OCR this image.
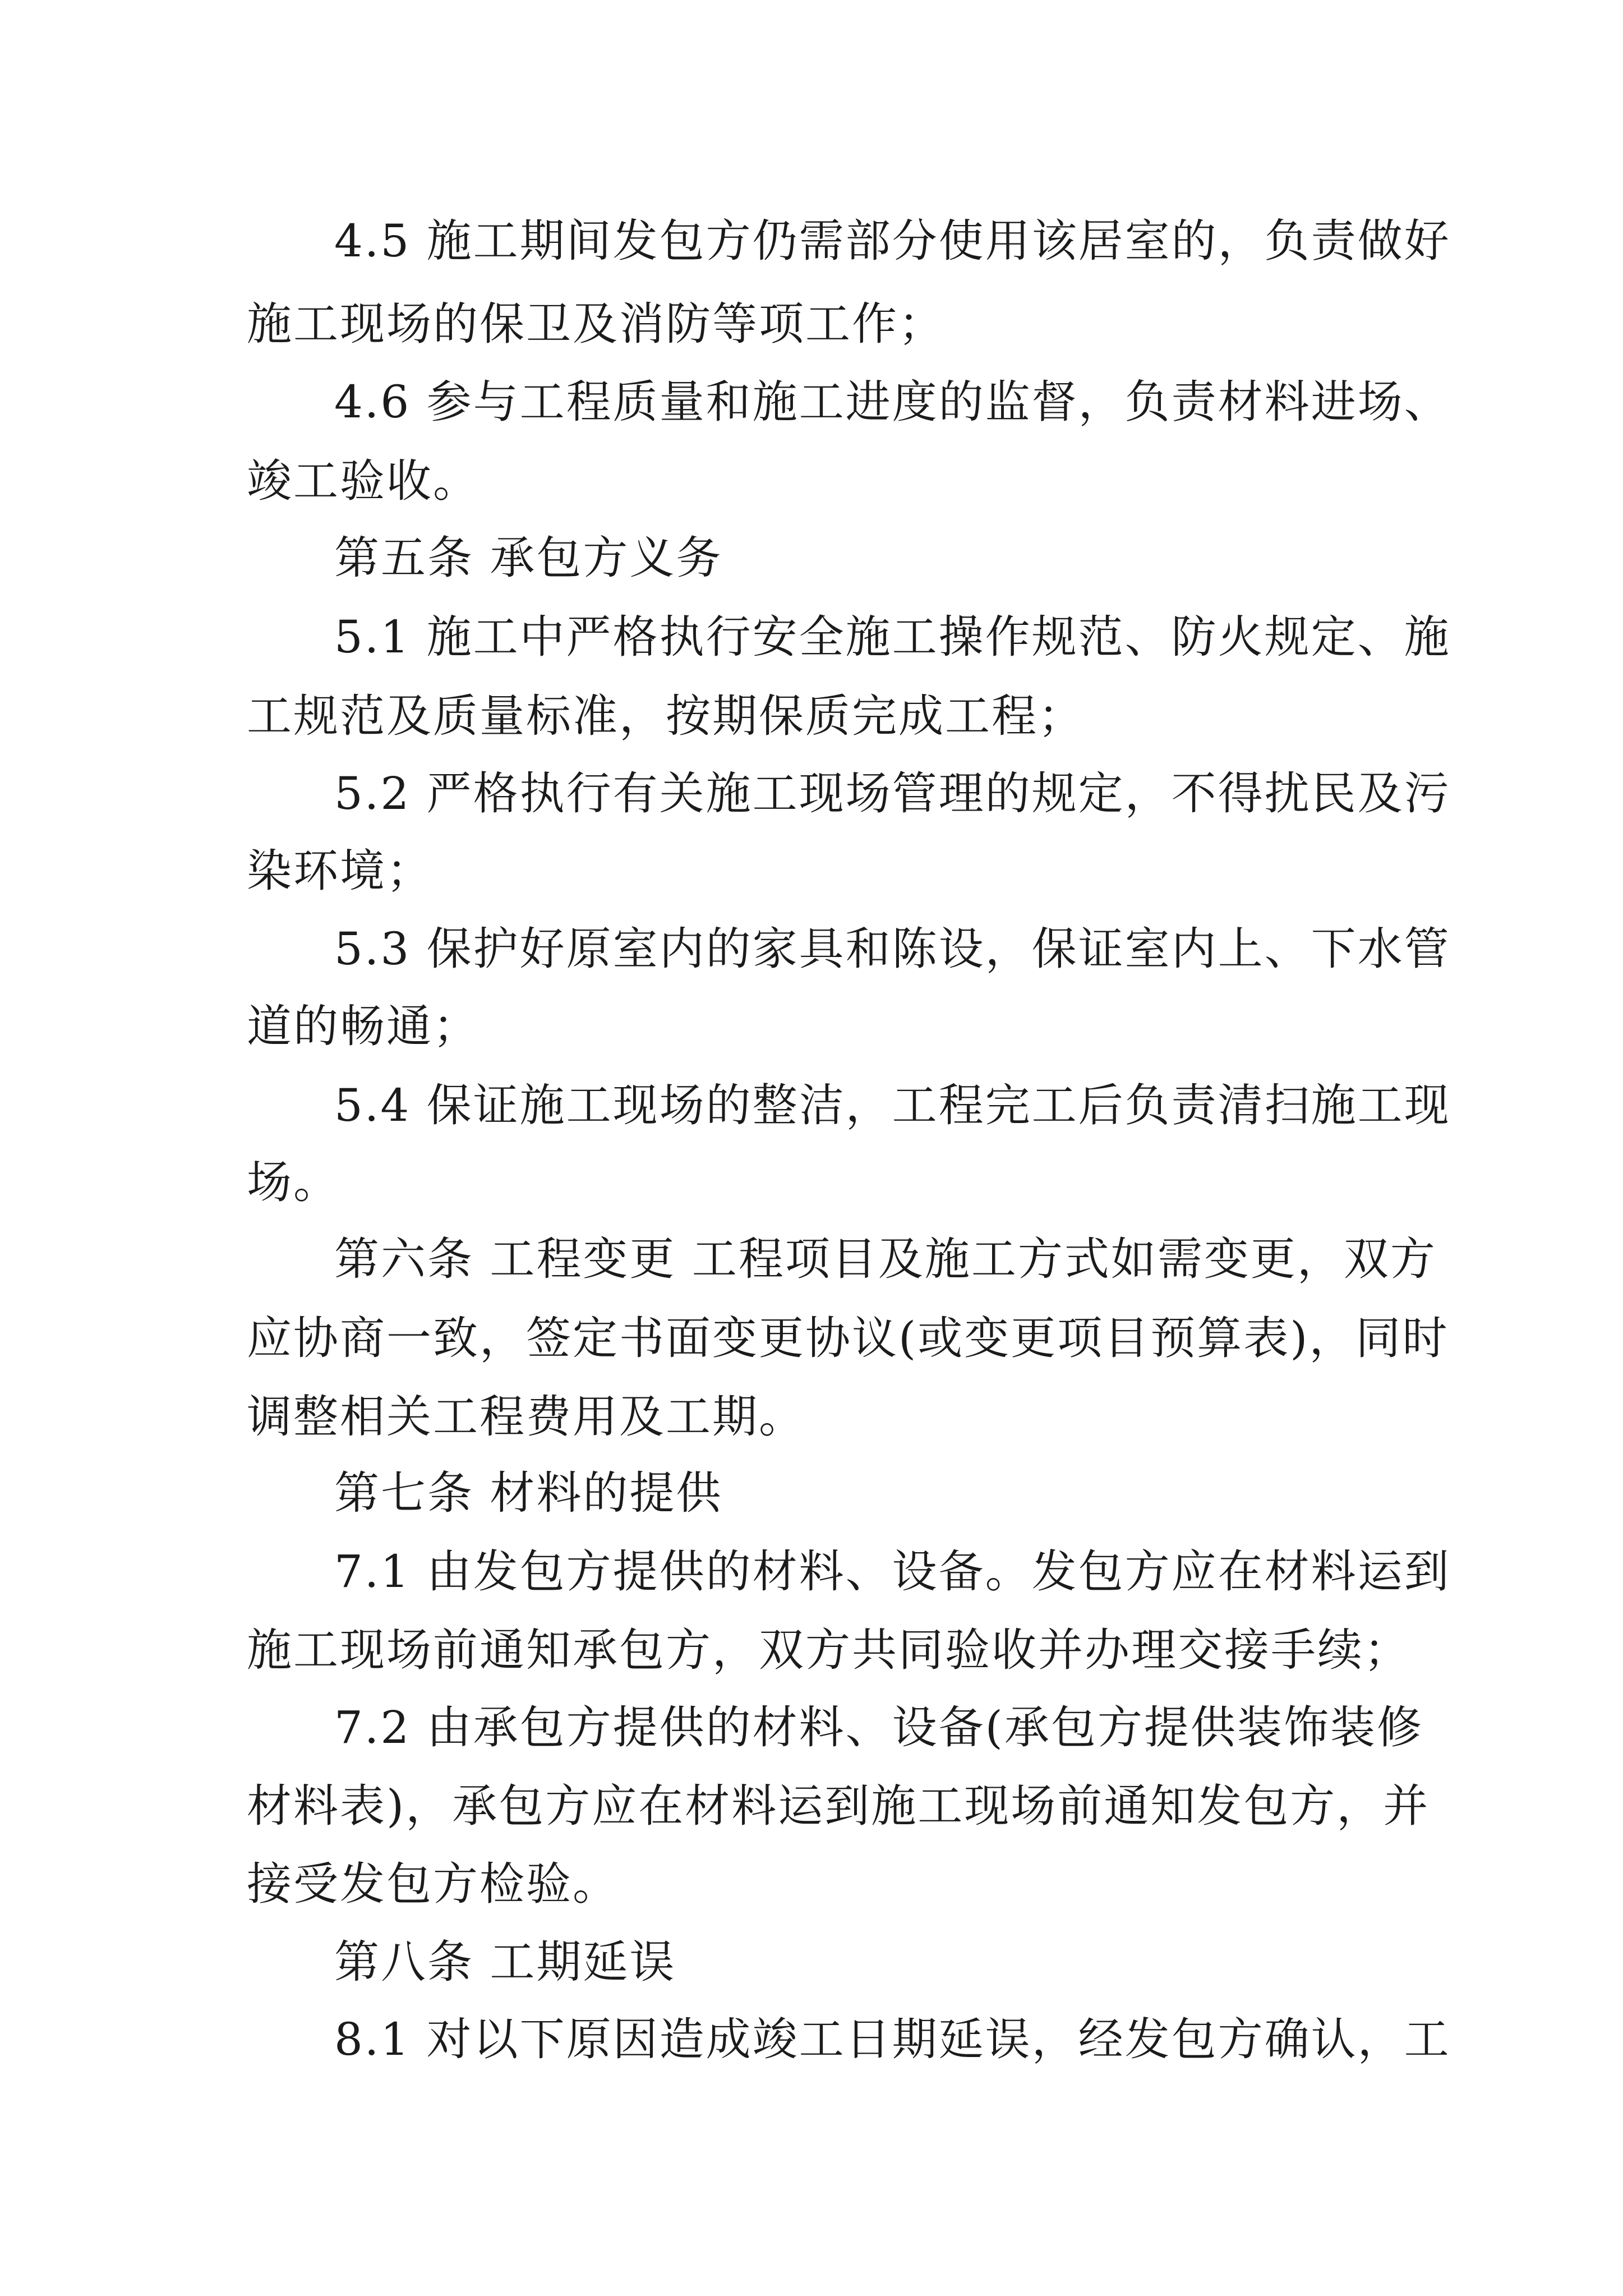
4.5 施工期间发包方仍需部分使用该居室的，负责做好

施工现场的保卫及消防等项工作；

4.6 参与工程质量和施工进度的监督，负责材料进场、

竣工验收。

第五条 承包方义务

5.1 施工中严格执行安全施工操作规范、防火规定、施

工规范及质量标准，按期保质完成工程；

5.2 严格执行有关施工现场管理的规定，不得扰民及污

染环境；

5.3 保护好原室内的家具和陈设，保证室内上、下水管

道的畅通；

5.4 保证施工现场的整洁，工程完工后负责清扫施工现

场。

第六条 工程变更 工程项目及施工方式如需变更，双方

应协商一致，签定书面变更协议(或变更项目预算表)，同时

调整相关工程费用及工期。

第七条 材料的提供

7.1 由发包方提供的材料、设备。发包方应在材料运到

施工现场前通知承包方，双方共同验收并办理交接手续；

7.2 由承包方提供的材料、设备(承包方提供装饰装修

材料表)，承包方应在材料运到施工现场前通知发包方，并

接受发包方检验。

第八条 工期延误

8.1 对以下原因造成竣工日期延误，经发包方确认，工
